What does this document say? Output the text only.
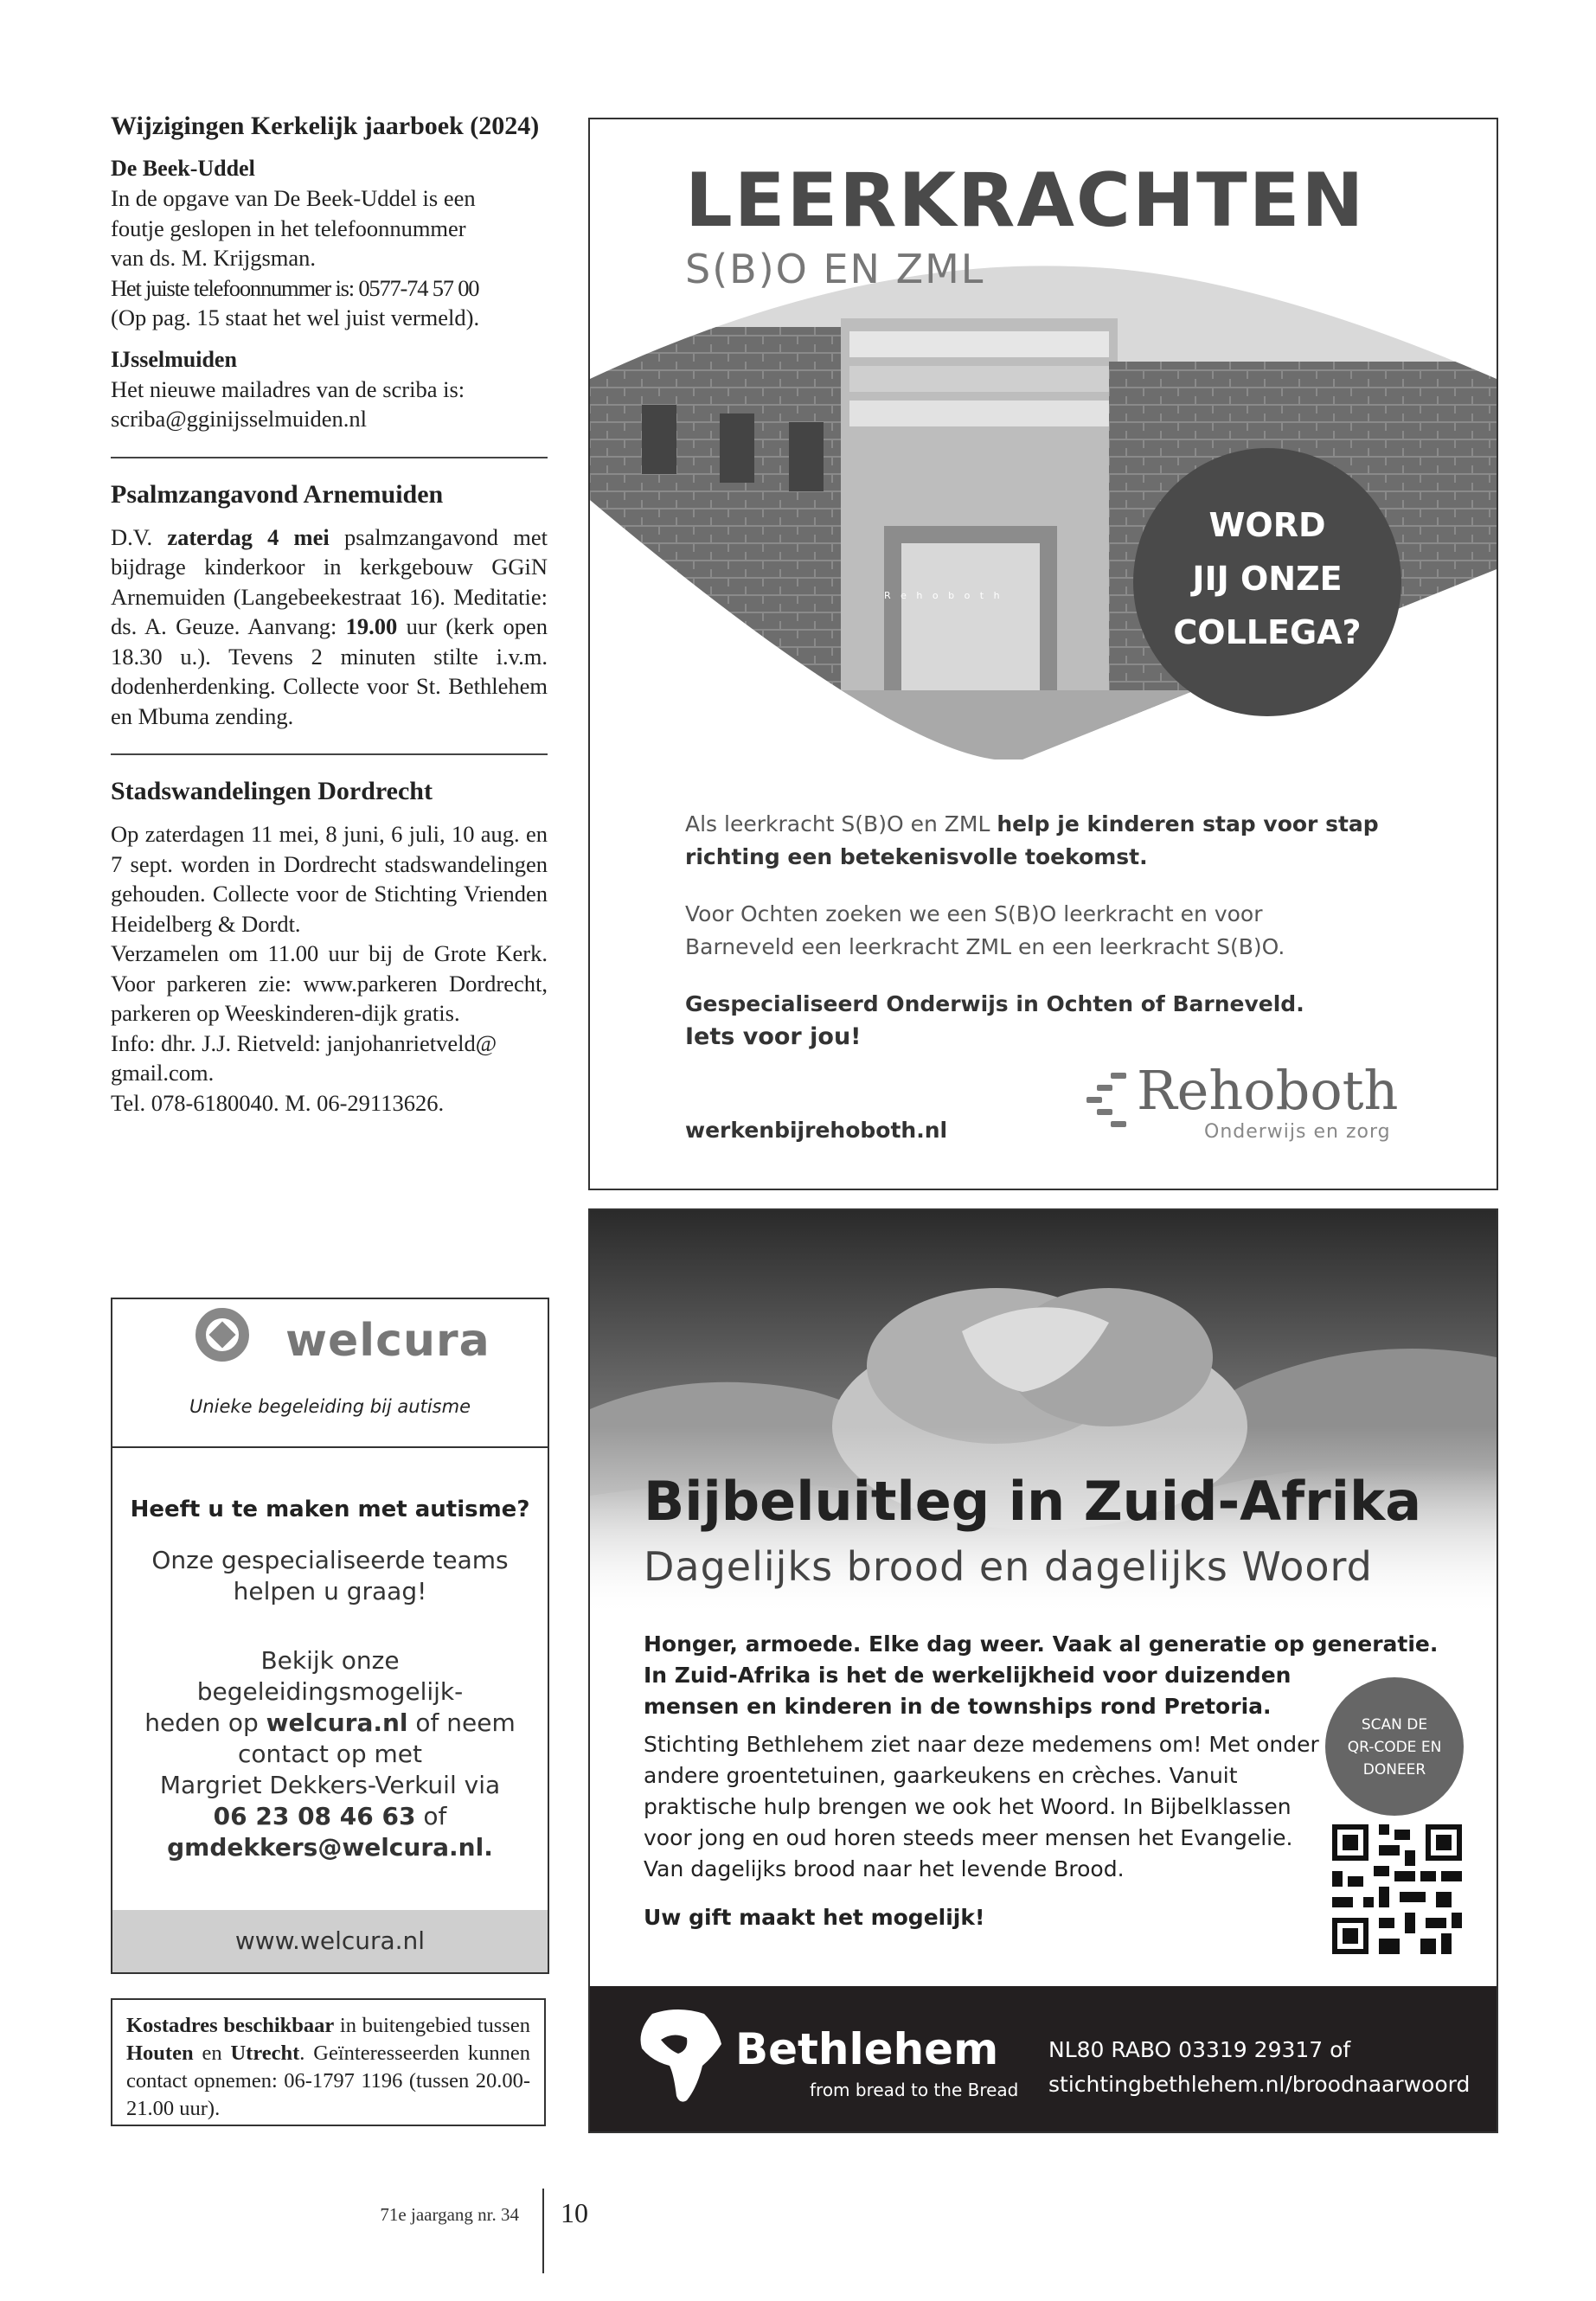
Wijzigingen Kerkelijk jaarboek (2024)
De Beek-Uddel
In de opgave van De Beek-Uddel is een
foutje geslopen in het telefoonnummer
van ds. M. Krijgsman.
Het juiste telefoonnummer is: 0577-74 57 00
(Op pag. 15 staat het wel juist vermeld).
IJsselmuiden
Het nieuwe mailadres van de scriba is:
scriba@gginijsselmuiden.nl
Psalmzangavond Arnemuiden

D.V. zaterdag 4 mei psalmzangavond met bijdrage kinderkoor in kerkgebouw GGiN Arnemuiden (Langebeekestraat 16). Meditatie: ds. A. Geuze. Aanvang: 19.00 uur (kerk open 18.30 u.). Tevens 2 minuten stilte i.v.m. dodenherdenking. Collecte voor St. Bethlehem en Mbuma zending.

Stadswandelingen Dordrecht

Op zaterdagen 11 mei, 8 juni, 6 juli, 10 aug. en 7 sept. worden in Dordrecht stadswandelingen gehouden. Collecte voor de Stichting Vrienden Heidelberg & Dordt.

Verzamelen om 11.00 uur bij de Grote Kerk. Voor parkeren zie: www.parkeren Dordrecht, parkeren op Weeskinderen-dijk gratis.

Info: dhr. J.J. Rietveld: janjohanrietveld@

gmail.com.

Tel. 078-6180040. M. 06-29113626.

welcura
Unieke begeleiding bij autisme
Heeft u te maken met autisme?
Onze gespecialiseerde teams
helpen u graag!
Bekijk onze begeleidingsmogelijk-
heden op welcura.nl of neem
contact op met
Margriet Dekkers-Verkuil via
06 23 08 46 63 of
gmdekkers@welcura.nl.
www.welcura.nl

Kostadres beschikbaar in buitengebied tussen Houten en Utrecht. Geïnteresseerden kunnen contact opnemen: 06-1797 1196 (tussen 20.00-21.00 uur).

LEERKRACHTEN
S(B)O EN ZML
R e h o b o t h
WORD
JIJ ONZE
COLLEGA?
Als leerkracht S(B)O en ZML help je kinderen stap voor stap
richting een betekenisvolle toekomst.
Voor Ochten zoeken we een S(B)O leerkracht en voor
Barneveld een leerkracht ZML en een leerkracht S(B)O.
Gespecialiseerd Onderwijs in Ochten of Barneveld.
Iets voor jou!
werkenbijrehoboth.nl
Rehoboth
Onderwijs en zorg
Bijbeluitleg in Zuid-Afrika
Dagelijks brood en dagelijks Woord
Honger, armoede. Elke dag weer. Vaak al generatie op generatie.
In Zuid-Afrika is het de werkelijkheid voor duizenden
mensen en kinderen in de townships rond Pretoria.
Stichting Bethlehem ziet naar deze medemens om! Met onder
andere groentetuinen, gaarkeukens en crèches. Vanuit
praktische hulp brengen we ook het Woord. In Bijbelklassen
voor jong en oud horen steeds meer mensen het Evangelie.
Van dagelijks brood naar het levende Brood.
Uw gift maakt het mogelijk!
SCAN DE
QR-CODE EN
DONEER
Bethlehem
from bread to the Bread
NL80 RABO 03319 29317 of
stichtingbethlehem.nl/broodnaarwoord
71e jaargang nr. 34 10
